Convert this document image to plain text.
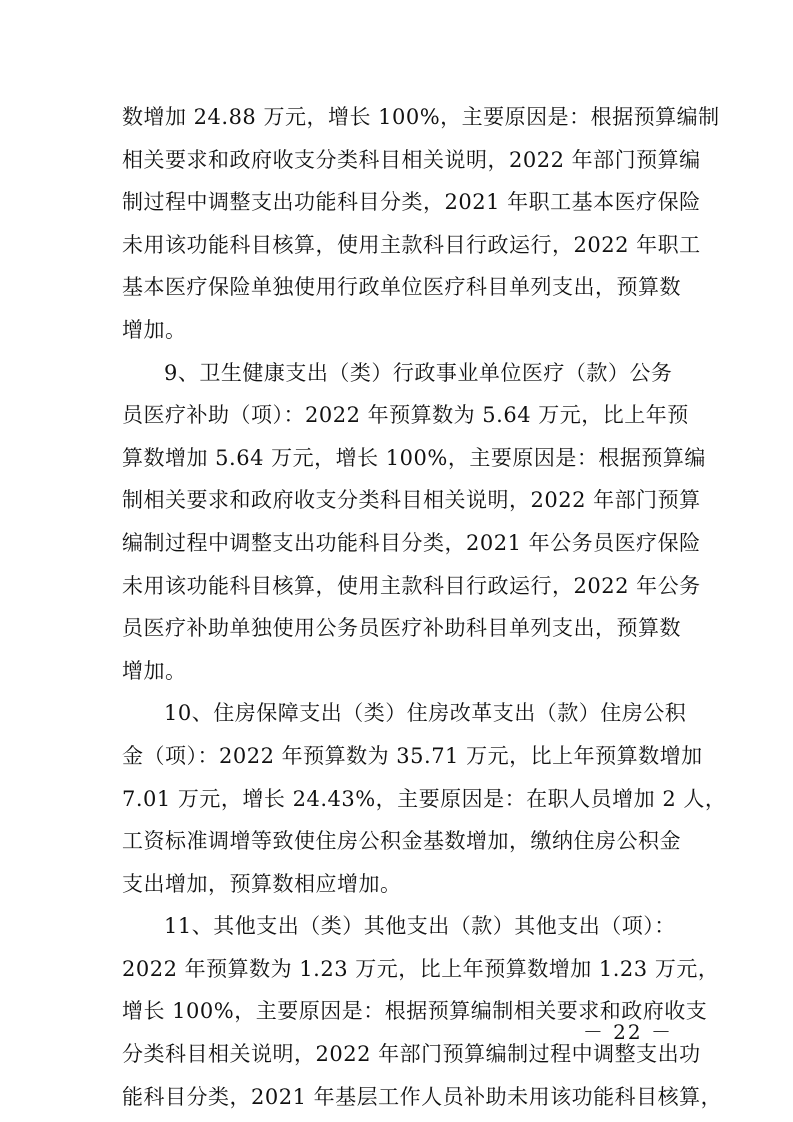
数增加 24.88 万元，增长 100%，主要原因是：根据预算编制
相关要求和政府收支分类科目相关说明，2022 年部门预算编
制过程中调整支出功能科目分类，2021 年职工基本医疗保险
未用该功能科目核算，使用主款科目行政运行，2022 年职工
基本医疗保险单独使用行政单位医疗科目单列支出，预算数
增加。
9、卫生健康支出（类）行政事业单位医疗（款）公务
员医疗补助（项）：2022 年预算数为 5.64 万元，比上年预
算数增加 5.64 万元，增长 100%，主要原因是：根据预算编
制相关要求和政府收支分类科目相关说明，2022 年部门预算
编制过程中调整支出功能科目分类，2021 年公务员医疗保险
未用该功能科目核算，使用主款科目行政运行，2022 年公务
员医疗补助单独使用公务员医疗补助科目单列支出，预算数
增加。
10、住房保障支出（类）住房改革支出（款）住房公积
金（项）：2022 年预算数为 35.71 万元，比上年预算数增加
7.01 万元，增长 24.43%，主要原因是：在职人员增加 2 人，
工资标准调增等致使住房公积金基数增加，缴纳住房公积金
支出增加，预算数相应增加。
11、其他支出（类）其他支出（款）其他支出（项）：
2022 年预算数为 1.23 万元，比上年预算数增加 1.23 万元，
增长 100%，主要原因是：根据预算编制相关要求和政府收支
分类科目相关说明，2022 年部门预算编制过程中调整支出功
能科目分类，2021 年基层工作人员补助未用该功能科目核算，
－ 22 －
